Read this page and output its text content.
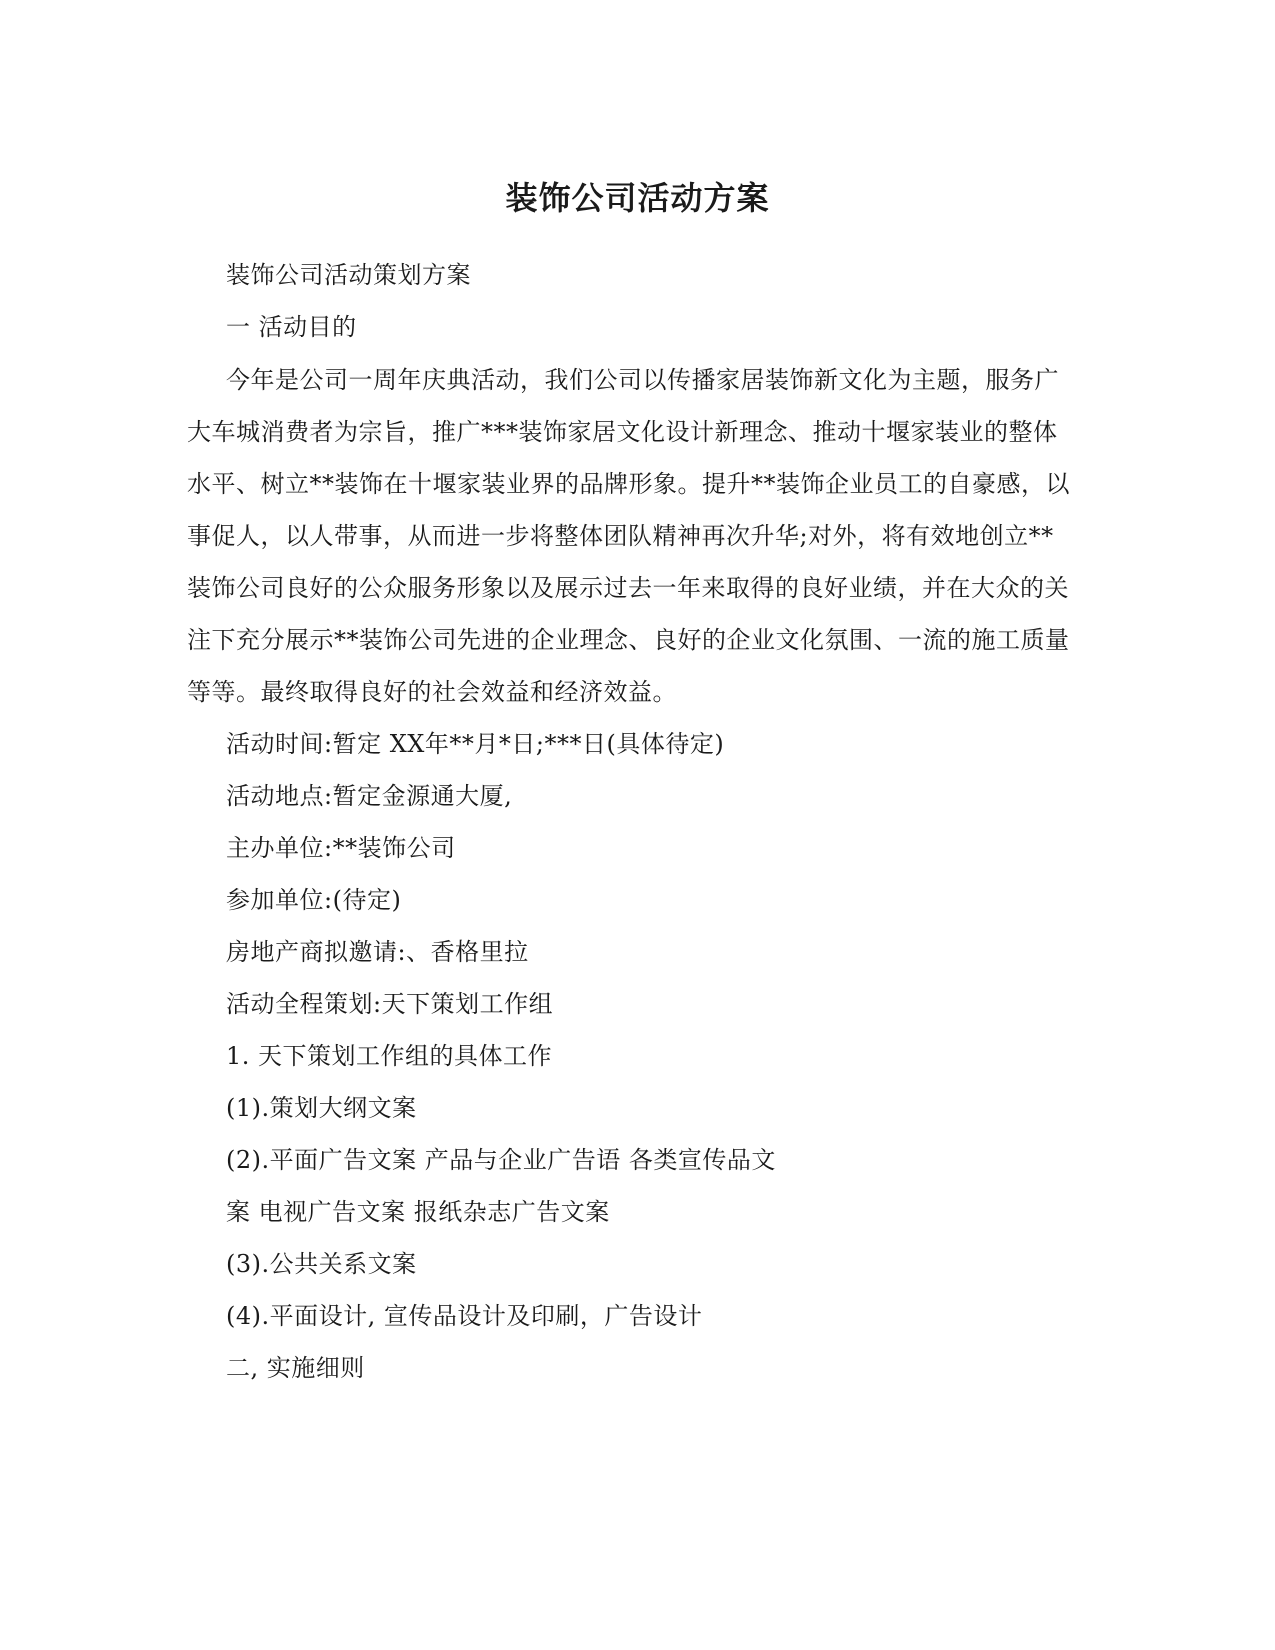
装饰公司活动方案
装饰公司活动策划方案
一 活动目的
今年是公司一周年庆典活动，我们公司以传播家居装饰新文化为主题，服务广
大车城消费者为宗旨，推广***装饰家居文化设计新理念、推动十堰家装业的整体
水平、树立**装饰在十堰家装业界的品牌形象。提升**装饰企业员工的自豪感，以
事促人，以人带事，从而进一步将整体团队精神再次升华;对外，将有效地创立**
装饰公司良好的公众服务形象以及展示过去一年来取得的良好业绩，并在大众的关
注下充分展示**装饰公司先进的企业理念、良好的企业文化氛围、一流的施工质量
等等。最终取得良好的社会效益和经济效益。
活动时间:暂定 XX年**月*日;***日(具体待定)
活动地点:暂定金源通大厦,
主办单位:**装饰公司
参加单位:(待定)
房地产商拟邀请:、香格里拉
活动全程策划:天下策划工作组
1. 天下策划工作组的具体工作
(1).策划大纲文案
(2).平面广告文案 产品与企业广告语 各类宣传品文
案 电视广告文案 报纸杂志广告文案
(3).公共关系文案
(4).平面设计, 宣传品设计及印刷，广告设计
二, 实施细则
